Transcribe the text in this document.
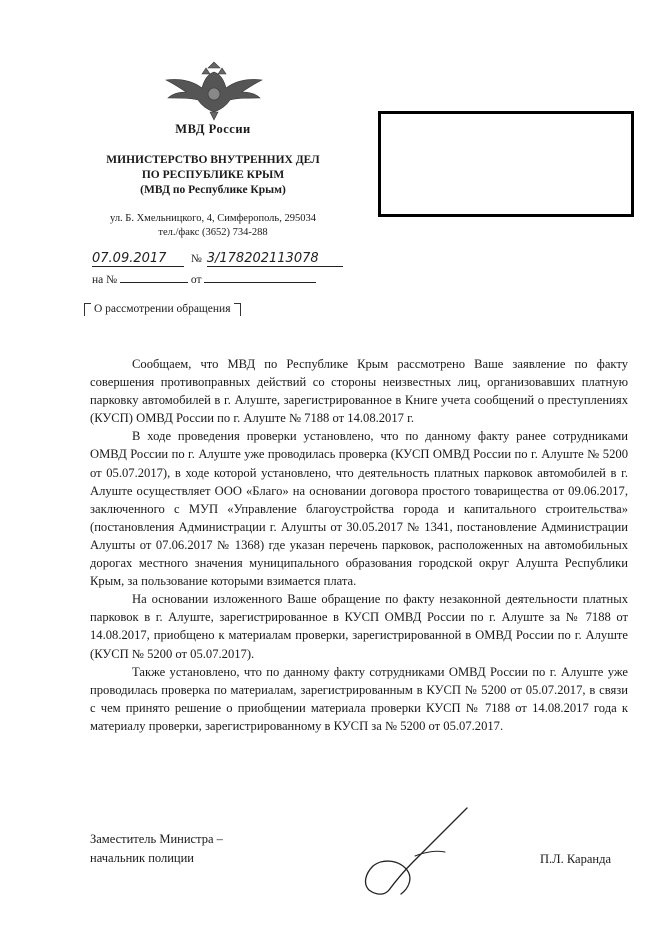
МВД России
МИНИСТЕРСТВО ВНУТРЕННИХ ДЕЛ
ПО РЕСПУБЛИКЕ КРЫМ
(МВД по Республике Крым)
ул. Б. Хмельницкого, 4, Симферополь, 295034
тел./факс (3652) 734-288
07.09.2017 № 3/178202113078
на №	от
О рассмотрении обращения

Сообщаем, что МВД по Республике Крым рассмотрено Ваше заявление по факту совершения противоправных действий со стороны неизвестных лиц, организовавших платную парковку автомобилей в г. Алуште, зарегистрированное в Книге учета сообщений о преступлениях (КУСП) ОМВД России по г. Алуште № 7188 от 14.08.2017 г.

В ходе проведения проверки установлено, что по данному факту ранее сотрудниками ОМВД России по г. Алуште уже проводилась проверка (КУСП ОМВД России по г. Алуште № 5200 от 05.07.2017), в ходе которой установлено, что деятельность платных парковок автомобилей в г. Алуште осуществляет ООО «Благо» на основании договора простого товарищества от 09.06.2017, заключенного с МУП «Управление благоустройства города и капитального строительства» (постановления Администрации г. Алушты от 30.05.2017 № 1341, постановление Администрации Алушты от 07.06.2017 № 1368) где указан перечень парковок, расположенных на автомобильных дорогах местного значения муниципального образования городской округ Алушта Республики Крым, за пользование которыми взимается плата.

На основании изложенного Ваше обращение по факту незаконной деятельности платных парковок в г. Алуште, зарегистрированное в КУСП ОМВД России по г. Алуште за № 7188 от 14.08.2017, приобщено к материалам проверки, зарегистрированной в ОМВД России по г. Алуште (КУСП № 5200 от 05.07.2017).

Также установлено, что по данному факту сотрудниками ОМВД России по г. Алуште уже проводилась проверка по материалам, зарегистрированным в КУСП № 5200 от 05.07.2017, в связи с чем принято решение о приобщении материала проверки КУСП № 7188 от 14.08.2017 года к материалу проверки, зарегистрированному в КУСП за № 5200 от 05.07.2017.

Заместитель Министра –
начальник полиции	П.Л. Каранда
